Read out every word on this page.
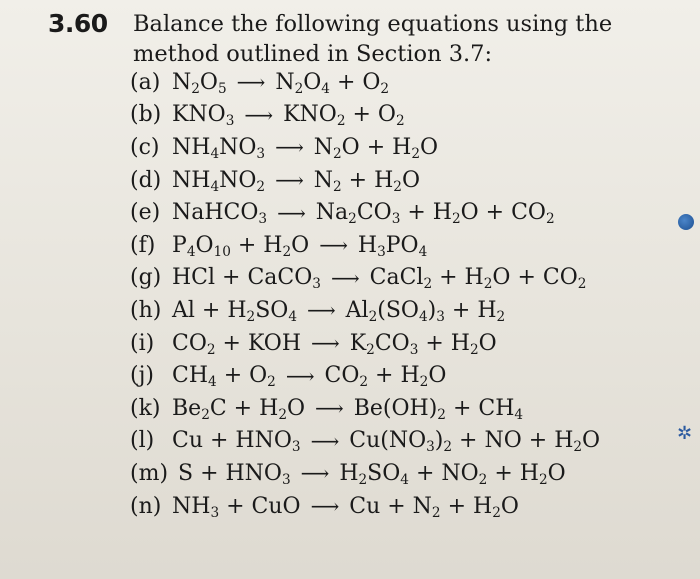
3.60 Balance the following equations using the method outlined in Section 3.7:
(a) $N_2O_5$ ⟶ $N_2O_4 + O_2$
(b) $KNO_3$ ⟶ $KNO_2 + O_2$
(c) $NH_4NO_3$ ⟶ $N_2O + H_2O$
(d) $NH_4NO_2$ ⟶ $N_2 + H_2O$
(e) NaHCO$_3$ ⟶ $Na_2CO_3 + H_2O + CO_2$
(f) $P_4O_{10} + H_2O$ ⟶ $H_3PO_4$
(g) HCl + CaCO$_3$ ⟶ CaCl$_2$ + $H_2O + CO_2$
(h) $Al + H_2SO_4$ ⟶ $Al_2(SO_4)_3 + H_2$
(i) $CO_2$ + KOH ⟶ $K_2CO_3 + H_2O$
(j) $CH_4 + O_2$ ⟶ $CO_2 + H_2O$
(k) $Be_2C + H_2O$ ⟶ $Be(OH)_2 + CH_4$
(l) $Cu + HNO_3$ ⟶ $Cu(NO_3)_2$ + NO + $H_2O$
(m) $S + HNO_3$ ⟶ $H_2SO_4 + NO_2 + H_2O$
(n) $NH_3$ + CuO ⟶ $Cu + N_2 + H_2O$
✲
